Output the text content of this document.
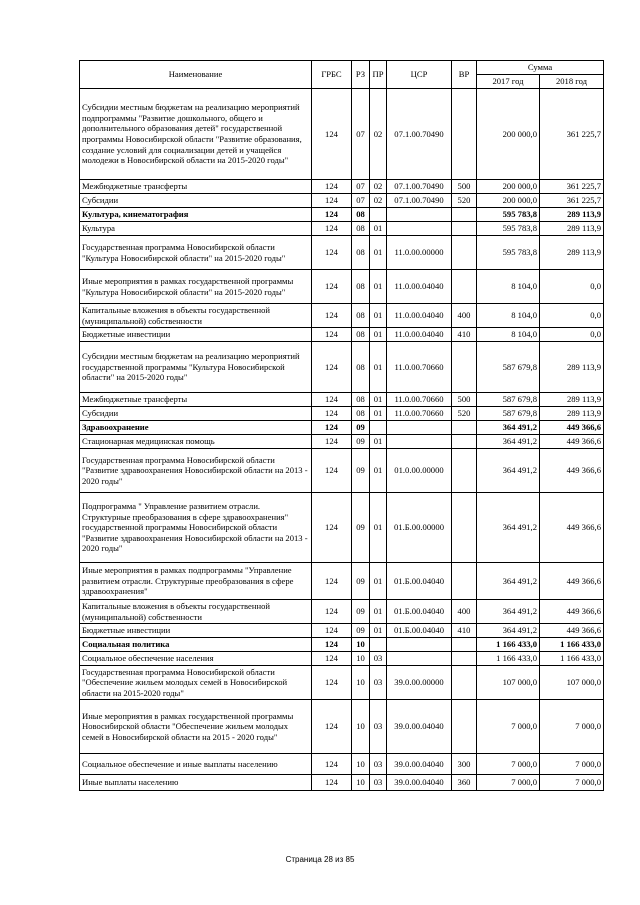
Наименование	ГРБС	РЗ	ПР	ЦСР	ВР	Сумма	
						2017 год	2018 год
Субсидии местным бюджетам на реализацию мероприятий подпрограммы "Развитие дошкольного, общего и дополнительного образования детей" государственной программы Новосибирской области "Развитие образования, создание условий для социализации детей и учащейся молодежи в Новосибирской области на 2015-2020 годы"	124	07	02	07.1.00.70490		200 000,0	361 225,7
Межбюджетные трансферты	124	07	02	07.1.00.70490	500	200 000,0	361 225,7
Субсидии	124	07	02	07.1.00.70490	520	200 000,0	361 225,7
Культура, кинематография	124	08				595 783,8	289 113,9
Культура	124	08	01			595 783,8	289 113,9
Государственная программа Новосибирской области "Культура Новосибирской области" на 2015-2020 годы"	124	08	01	11.0.00.00000		595 783,8	289 113,9
Иные мероприятия в рамках государственной программы "Культура Новосибирской области" на 2015-2020 годы"	124	08	01	11.0.00.04040		8 104,0	0,0
Капитальные вложения в объекты государственной (муниципальной) собственности	124	08	01	11.0.00.04040	400	8 104,0	0,0
Бюджетные инвестиции	124	08	01	11.0.00.04040	410	8 104,0	0,0
Субсидии местным бюджетам на реализацию мероприятий государственной программы "Культура Новосибирской области" на 2015-2020 годы"	124	08	01	11.0.00.70660		587 679,8	289 113,9
Межбюджетные трансферты	124	08	01	11.0.00.70660	500	587 679,8	289 113,9
Субсидии	124	08	01	11.0.00.70660	520	587 679,8	289 113,9
Здравоохранение	124	09				364 491,2	449 366,6
Стационарная медицинская помощь	124	09	01			364 491,2	449 366,6
Государственная программа Новосибирской области "Развитие здравоохранения Новосибирской области на 2013 - 2020 годы"	124	09	01	01.0.00.00000		364 491,2	449 366,6
Подпрограмма " Управление развитием отрасли. Структурные преобразования в сфере здравоохранения" государственной программы Новосибирской области "Развитие здравоохранения Новосибирской области на 2013 - 2020 годы"	124	09	01	01.Б.00.00000		364 491,2	449 366,6
Иные мероприятия в рамках подпрограммы "Управление развитием отрасли. Структурные преобразования в сфере здравоохранения"	124	09	01	01.Б.00.04040		364 491,2	449 366,6
Капитальные вложения в объекты государственной (муниципальной) собственности	124	09	01	01.Б.00.04040	400	364 491,2	449 366,6
Бюджетные инвестиции	124	09	01	01.Б.00.04040	410	364 491,2	449 366,6
Социальная политика	124	10				1 166 433,0	1 166 433,0
Социальное обеспечение населения	124	10	03			1 166 433,0	1 166 433,0
Государственная программа Новосибирской области "Обеспечение жильем молодых семей в Новосибирской области на 2015-2020 годы"	124	10	03	39.0.00.00000		107 000,0	107 000,0
Иные мероприятия в рамках государственной программы Новосибирской области "Обеспечение жильем молодых семей в Новосибирской области на 2015 - 2020 годы"	124	10	03	39.0.00.04040		7 000,0	7 000,0
Социальное обеспечение и иные выплаты населению	124	10	03	39.0.00.04040	300	7 000,0	7 000,0
Иные выплаты населению	124	10	03	39.0.00.04040	360	7 000,0	7 000,0
Страница 28 из 85
